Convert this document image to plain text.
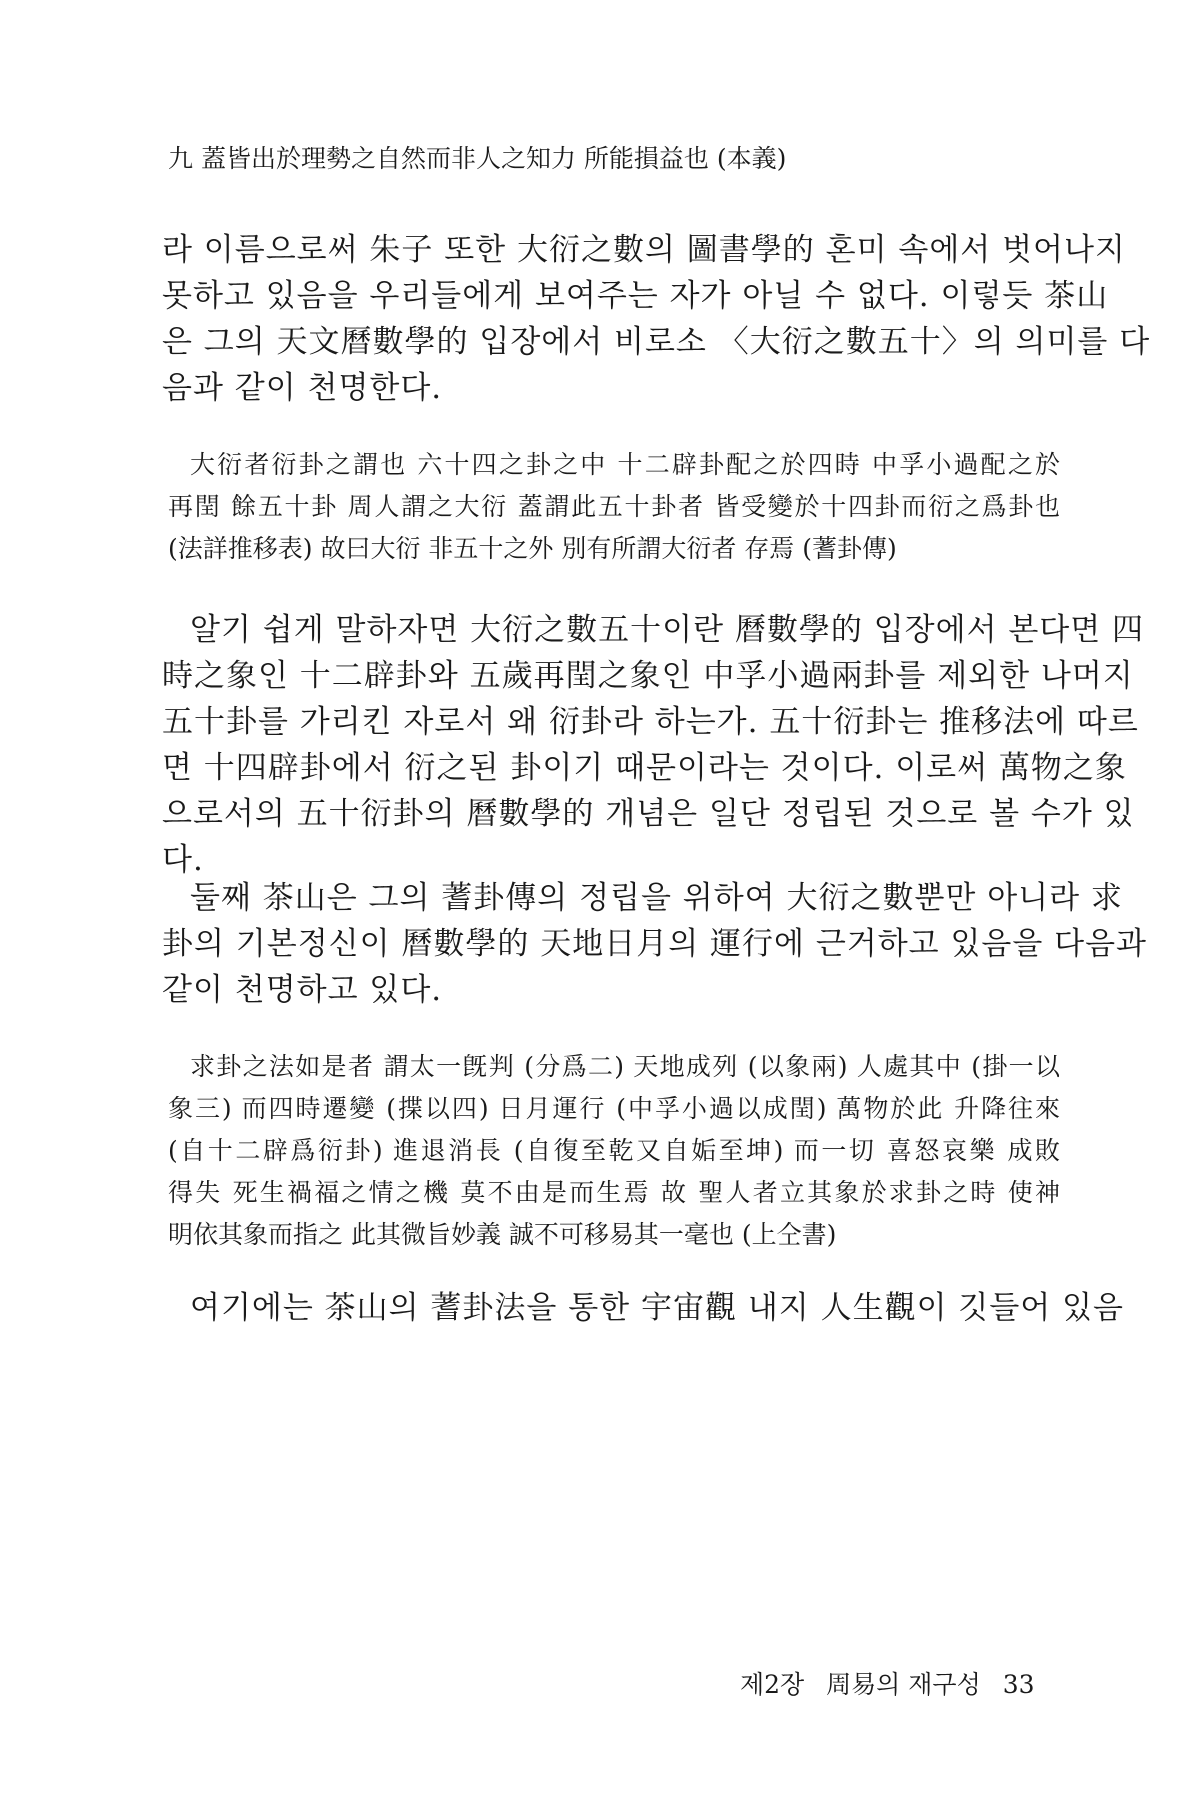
九 蓋皆出於理勢之自然而非人之知力 所能損益也 (本義)
라 이름으로써 朱子 또한 大衍之數의 圖書學的 혼미 속에서 벗어나지
못하고 있음을 우리들에게 보여주는 자가 아닐 수 없다. 이렇듯 茶山
은 그의 天文曆數學的 입장에서 비로소 〈大衍之數五十〉의 의미를 다
음과 같이 천명한다.
大衍者衍卦之謂也 六十四之卦之中 十二辟卦配之於四時 中孚小過配之於
再閏 餘五十卦 周人謂之大衍 蓋謂此五十卦者 皆受變於十四卦而衍之爲卦也
(法詳推移表) 故曰大衍 非五十之外 別有所謂大衍者 存焉 (蓍卦傳)
알기 쉽게 말하자면 大衍之數五十이란 曆數學的 입장에서 본다면 四
時之象인 十二辟卦와 五歲再閏之象인 中孚小過兩卦를 제외한 나머지
五十卦를 가리킨 자로서 왜 衍卦라 하는가. 五十衍卦는 推移法에 따르
면 十四辟卦에서 衍之된 卦이기 때문이라는 것이다. 이로써 萬物之象
으로서의 五十衍卦의 曆數學的 개념은 일단 정립된 것으로 볼 수가 있
다.
둘째 茶山은 그의 蓍卦傳의 정립을 위하여 大衍之數뿐만 아니라 求
卦의 기본정신이 曆數學的 天地日月의 運行에 근거하고 있음을 다음과
같이 천명하고 있다.
求卦之法如是者 謂太一旣判 (分爲二) 天地成列 (以象兩) 人處其中 (掛一以
象三) 而四時遷變 (揲以四) 日月運行 (中孚小過以成閏) 萬物於此 升降往來
(自十二辟爲衍卦) 進退消長 (自復至乾又自姤至坤) 而一切 喜怒哀樂 成敗
得失 死生禍福之情之機 莫不由是而生焉 故 聖人者立其象於求卦之時 使神
明依其象而指之 此其微旨妙義 誠不可移易其一毫也 (上仝書)
여기에는 茶山의 蓍卦法을 통한 宇宙觀 내지 人生觀이 깃들어 있음
제2장 周易의 재구성 33
